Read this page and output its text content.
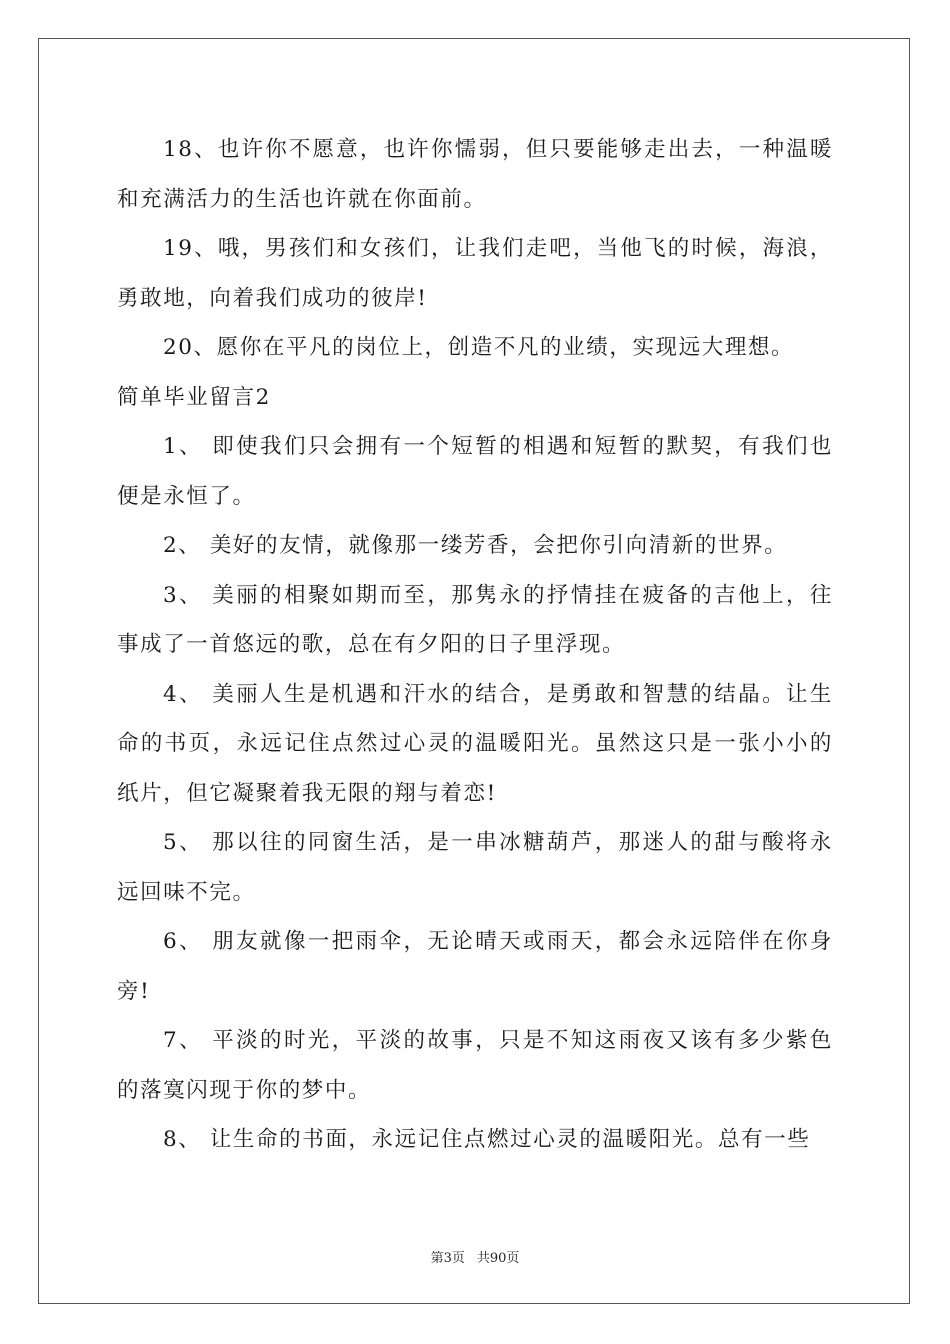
18、也许你不愿意，也许你懦弱，但只要能够走出去，一种温暖和充满活力的生活也许就在你面前。

19、哦，男孩们和女孩们，让我们走吧，当他飞的时候，海浪，勇敢地，向着我们成功的彼岸!

20、愿你在平凡的岗位上，创造不凡的业绩，实现远大理想。

简单毕业留言2

1、 即使我们只会拥有一个短暂的相遇和短暂的默契，有我们也便是永恒了。

2、 美好的友情，就像那一缕芳香，会把你引向清新的世界。

3、 美丽的相聚如期而至，那隽永的抒情挂在疲备的吉他上，往事成了一首悠远的歌，总在有夕阳的日子里浮现。

4、 美丽人生是机遇和汗水的结合，是勇敢和智慧的结晶。让生命的书页，永远记住点然过心灵的温暖阳光。虽然这只是一张小小的纸片，但它凝聚着我无限的翔与着恋!

5、 那以往的同窗生活，是一串冰糖葫芦，那迷人的甜与酸将永远回味不完。

6、 朋友就像一把雨伞，无论晴天或雨天，都会永远陪伴在你身旁!

7、 平淡的时光，平淡的故事，只是不知这雨夜又该有多少紫色的落寞闪现于你的梦中。

8、 让生命的书面，永远记住点燃过心灵的温暖阳光。总有一些

第3页 共90页
